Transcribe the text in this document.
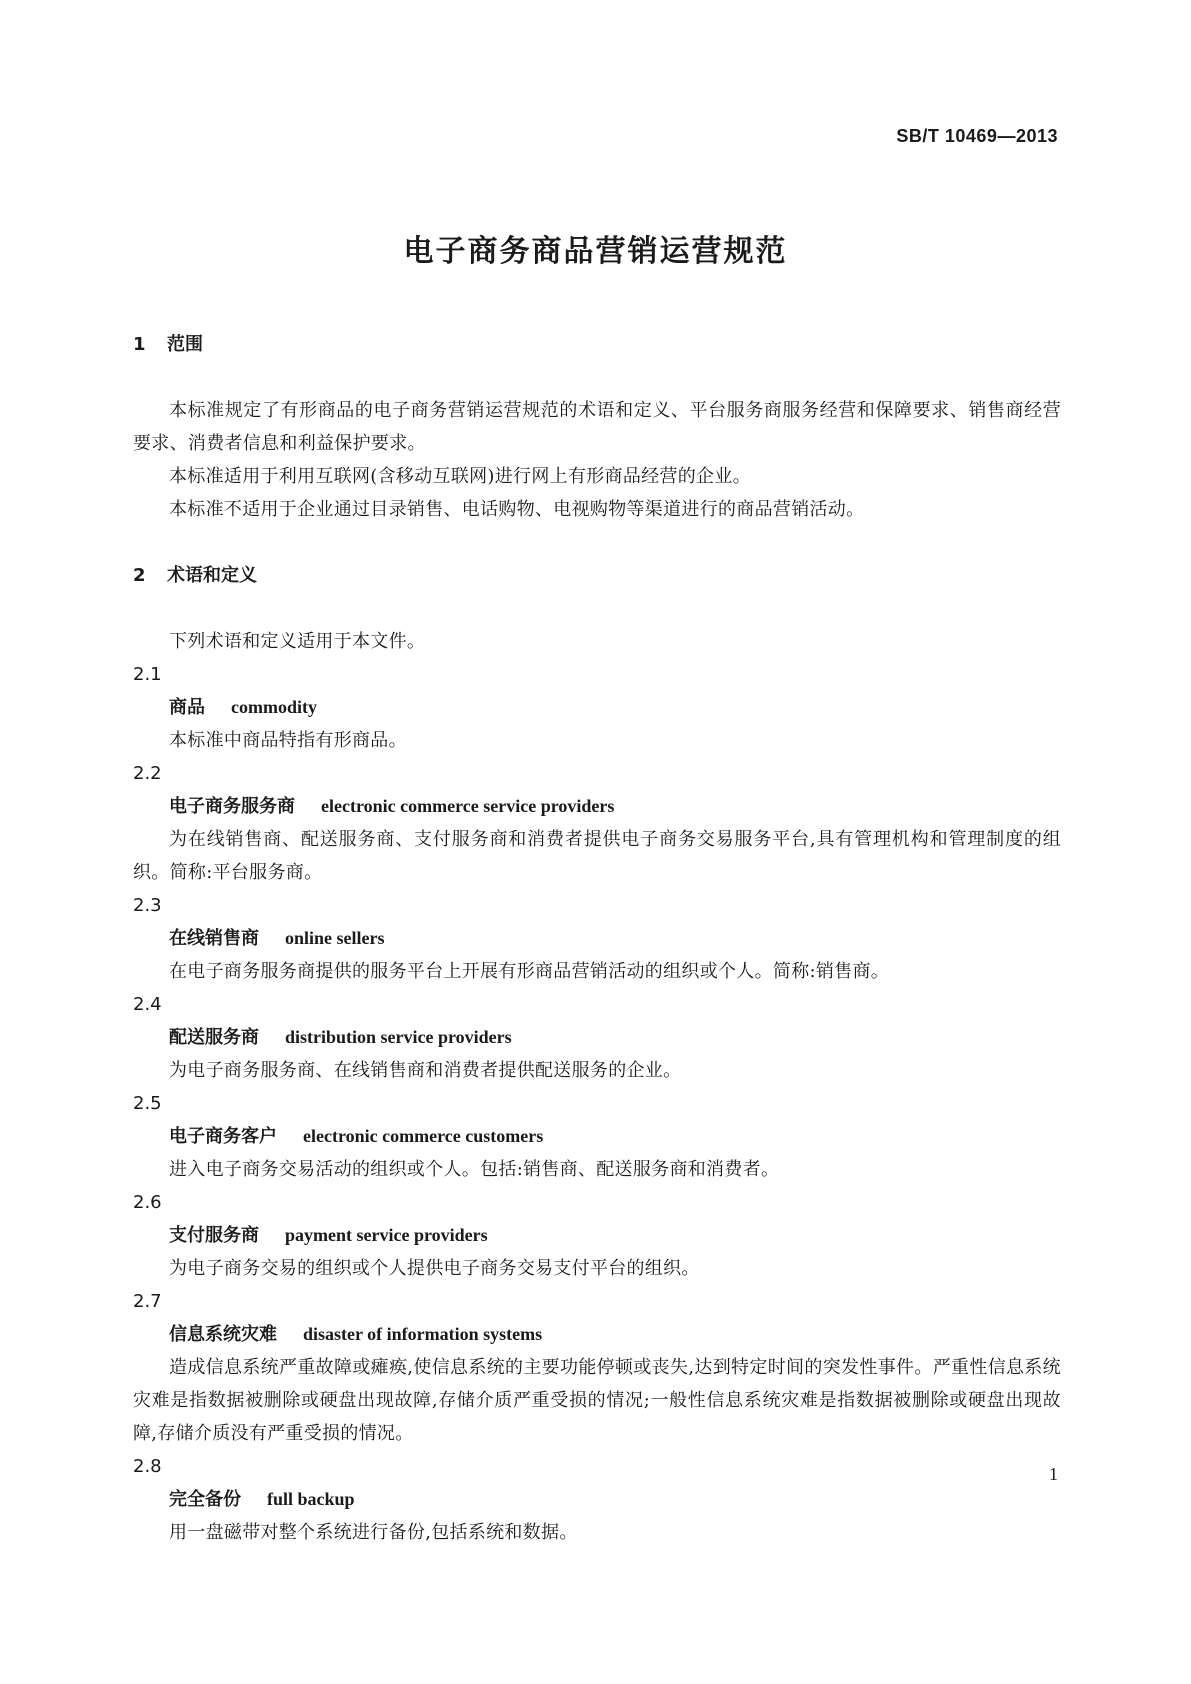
SB/T 10469—2013
电子商务商品营销运营规范
1 范围

本标准规定了有形商品的电子商务营销运营规范的术语和定义、平台服务商服务经营和保障要求、销售商经营要求、消费者信息和利益保护要求。

本标准适用于利用互联网(含移动互联网)进行网上有形商品经营的企业。

本标准不适用于企业通过目录销售、电话购物、电视购物等渠道进行的商品营销活动。

2 术语和定义

下列术语和定义适用于本文件。

2.1
商品 commodity

本标准中商品特指有形商品。

2.2
电子商务服务商 electronic commerce service providers

为在线销售商、配送服务商、支付服务商和消费者提供电子商务交易服务平台,具有管理机构和管理制度的组织。简称:平台服务商。

2.3
在线销售商 online sellers

在电子商务服务商提供的服务平台上开展有形商品营销活动的组织或个人。简称:销售商。

2.4
配送服务商 distribution service providers

为电子商务服务商、在线销售商和消费者提供配送服务的企业。

2.5
电子商务客户 electronic commerce customers

进入电子商务交易活动的组织或个人。包括:销售商、配送服务商和消费者。

2.6
支付服务商 payment service providers

为电子商务交易的组织或个人提供电子商务交易支付平台的组织。

2.7
信息系统灾难 disaster of information systems

造成信息系统严重故障或瘫痪,使信息系统的主要功能停顿或丧失,达到特定时间的突发性事件。严重性信息系统灾难是指数据被删除或硬盘出现故障,存储介质严重受损的情况;一般性信息系统灾难是指数据被删除或硬盘出现故障,存储介质没有严重受损的情况。

2.8
完全备份 full backup

用一盘磁带对整个系统进行备份,包括系统和数据。

1
